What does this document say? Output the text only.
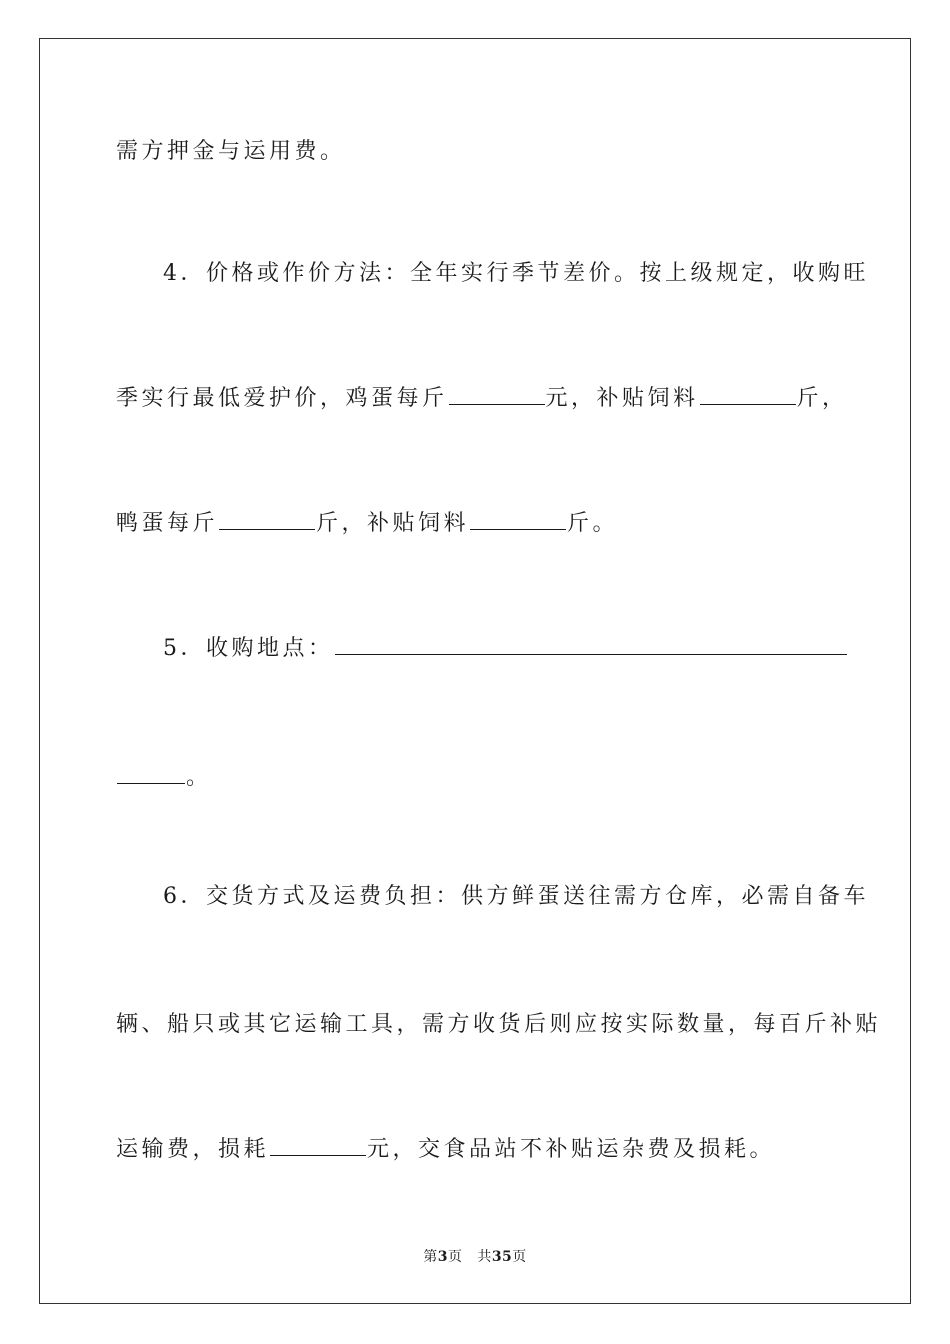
需方押金与运用费。
4．价格或作价方法：全年实行季节差价。按上级规定，收购旺
季实行最低爱护价，鸡蛋每斤	元，补贴饲料	斤，
鸭蛋每斤	斤，补贴饲料	斤。
5．收购地点：
。
6．交货方式及运费负担：供方鲜蛋送往需方仓库，必需自备车
辆、船只或其它运输工具，需方收货后则应按实际数量，每百斤补贴
运输费，损耗	元，交食品站不补贴运杂费及损耗。
第3页 共35页
